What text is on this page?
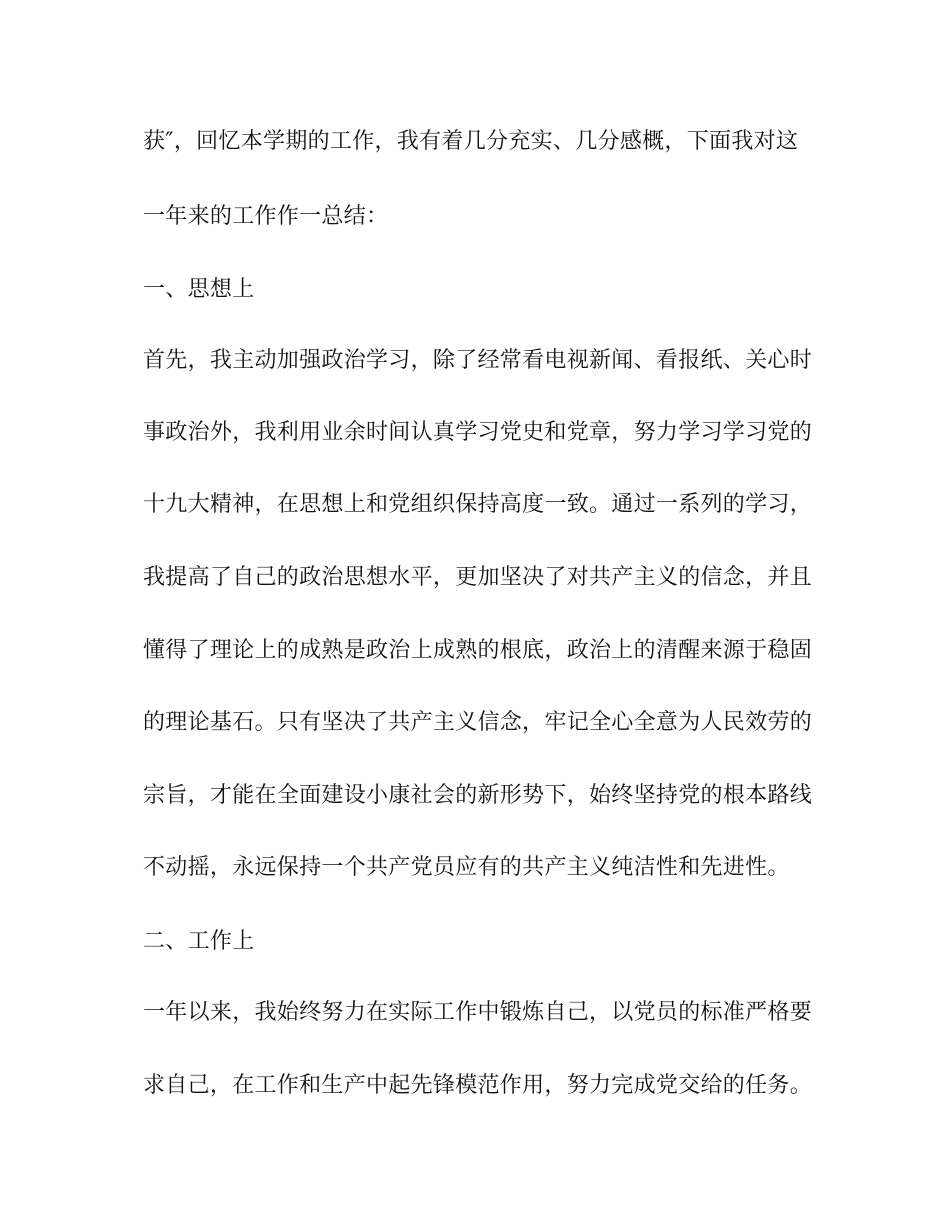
获″，回忆本学期的工作，我有着几分充实、几分感概，下面我对这
一年来的工作作一总结：
一、思想上
首先，我主动加强政治学习，除了经常看电视新闻、看报纸、关心时
事政治外，我利用业余时间认真学习党史和党章，努力学习学习党的
十九大精神，在思想上和党组织保持高度一致。通过一系列的学习，
我提高了自己的政治思想水平，更加坚决了对共产主义的信念，并且
懂得了理论上的成熟是政治上成熟的根底，政治上的清醒来源于稳固
的理论基石。只有坚决了共产主义信念，牢记全心全意为人民效劳的
宗旨，才能在全面建设小康社会的新形势下，始终坚持党的根本路线
不动摇，永远保持一个共产党员应有的共产主义纯洁性和先进性。
二、工作上
一年以来，我始终努力在实际工作中锻炼自己，以党员的标准严格要
求自己，在工作和生产中起先锋模范作用，努力完成党交给的任务。
